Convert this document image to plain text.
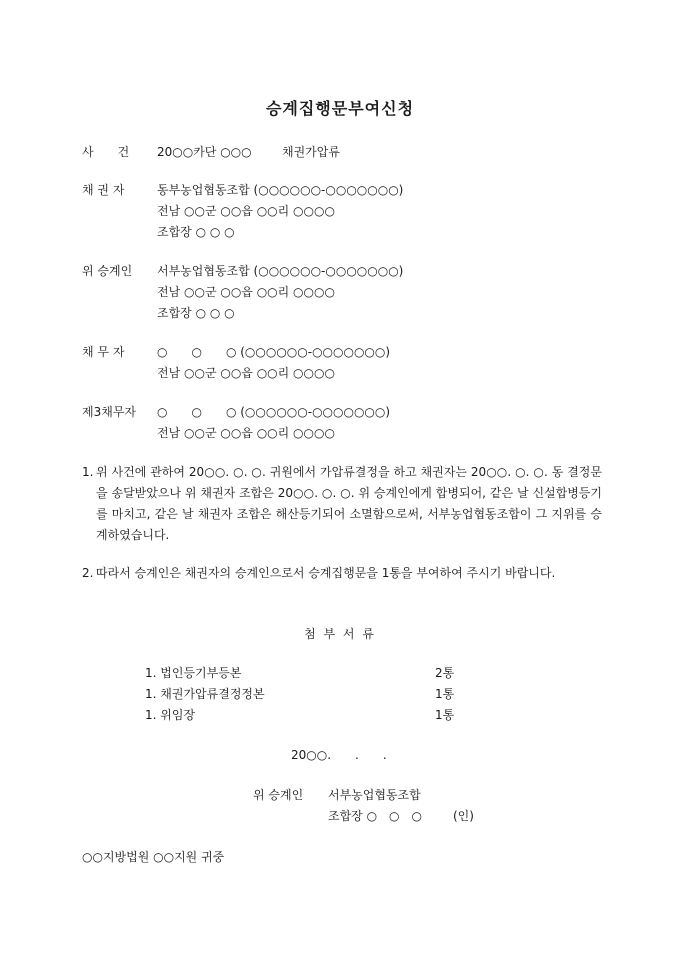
승계집행문부여신청
사　　건 20○○카단 ○○○	채권가압류
채 권 자	동부농업협동조합 (○○○○○○-○○○○○○○)
전남 ○○군 ○○읍 ○○리 ○○○○
조합장 ○ ○ ○
위 승계인 서부농업협동조합 (○○○○○○-○○○○○○○)
전남 ○○군 ○○읍 ○○리 ○○○○
조합장 ○ ○ ○
채 무 자	○　　○　　○ (○○○○○○-○○○○○○○)
전남 ○○군 ○○읍 ○○리 ○○○○
제3채무자 ○　　○　　○ (○○○○○○-○○○○○○○)
전남 ○○군 ○○읍 ○○리 ○○○○
1. 위 사건에 관하여 20○○. ○. ○. 귀원에서 가압류결정을 하고 채권자는 20○○. ○. ○. 동 결정문을 송달받았으나 위 채권자 조합은 20○○. ○. ○. 위 승계인에게 합병되어, 같은 날 신설합병등기를 마치고, 같은 날 채권자 조합은 해산등기되어 소멸함으로써, 서부농업협동조합이 그 지위를 승계하였습니다.
2. 따라서 승계인은 채권자의 승계인으로서 승계집행문을 1통을 부여하여 주시기 바랍니다.
첨 부 서 류
1. 법인등기부등본	2통
1. 채권가압류결정정본	1통
1. 위임장	1통
20○○.　　.　　.
위 승계인 서부농업협동조합
조합장 ○　○　○	(인)
○○지방법원 ○○지원 귀중
